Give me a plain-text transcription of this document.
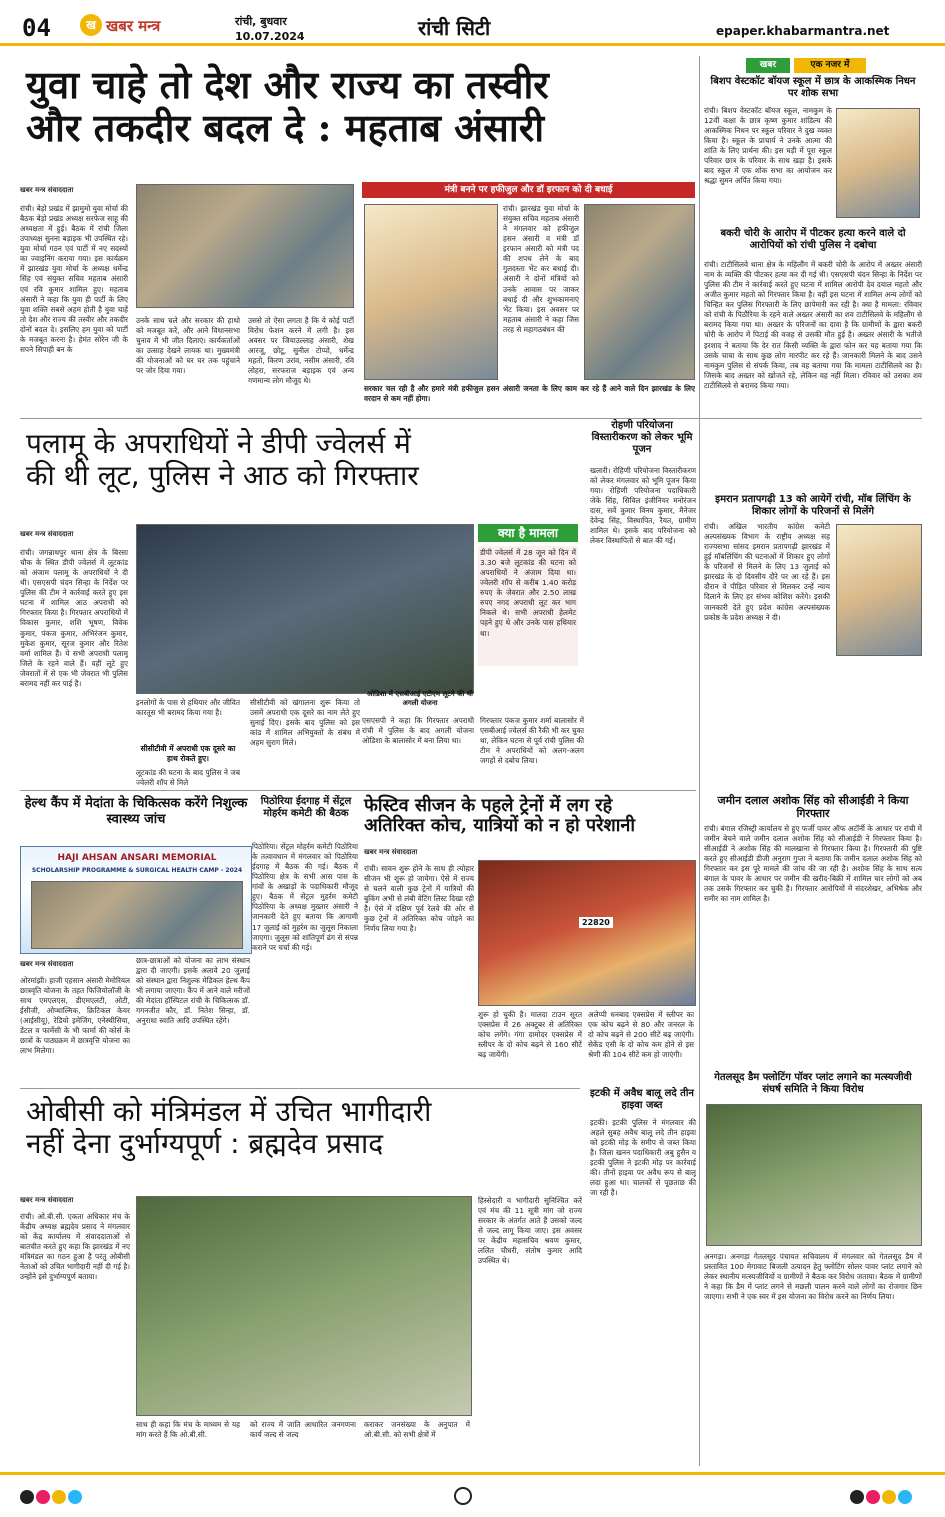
04	ख खबर मन्त्र	रांची, बुधवार
10.07.2024	रांची सिटी	epaper.khabarmantra.net
युवा चाहे तो देश और राज्य का तस्वीर
और तकदीर बदल दे : महताब अंसारी
खबर मन्त्र संवाददाता
रांची। बेड़ो प्रखंड में झामुमो युवा मोर्चा की बैठक बेड़ो प्रखंड अध्यक्ष सरफेज साहू की अध्यक्षता में हुई। बैठक में रांची जिला उपाध्यक्ष सुनना बड़ाइक भी उपस्थित रहे। युवा मोर्चा गठन एवं पार्टी में नए सदस्यों का ज्वाइनिंग कराया गया। इस कार्यक्रम में झारखंड युवा मोर्चा के अध्यक्ष धर्मेन्द्र सिंह एवं संयुक्त सचिव महताब अंसारी एवं रवि कुमार शामिल हुए। महताब अंसारी ने कहा कि युवा ही पार्टी के लिए युवा शक्ति सबसे अहम होती है युवा चाहें तो देश और राज्य की तस्वीर और तकदीर दोनों बदल दे। इसलिए हम युवा को पार्टी के मजबूत करना है। हेमंत सोरेन जी के सपने सिपाही बन के
उनके साथ चले और सरकार की हाथो को मजबूत करें, और आने विधानसभा चुनाव में भी जीत दिलाएं। कार्यकर्ताओं का उत्साह देखने लायक था। मुख्यमंत्री की योजनाओं को घर घर तक पहुंचाने पर जोर दिया गया।
उससे तो ऐसा लगता है कि ये कोई पार्टी विरोध फेशन करने में लगी है। इस अवसर पर जियाउल्लाह अंसारी, शेख आरजू, छोटू, सुनील टोप्पो, धर्मेन्द्र महतो, किरण उरांव, नसीम अंसारी, रवि लोहरा, सरफराज बड़ाइक एवं अन्य गणमान्य लोग मौजूद थे।
मंत्री बनने पर हफीजुल और डॉ इरफान को दी बधाई
रांची। झारखंड युवा मोर्चा के संयुक्त सचिव महताब अंसारी ने मंगलवार को हफीजुल हसन अंसारी व मंत्री डॉ इरफान अंसारी को मंत्री पद की शपथ लेने के बाद गुलदस्ता भेंट कर बधाई दी। अंसारी ने दोनों मंत्रियों को उनके आवास पर जाकर बधाई दी और शुभकामनाएं भेंट किया। इस अवसर पर महताब अंसारी ने कहा जिस तरह से महागठबंधन की
सरकार चल रही है और हमारे मंत्री हफीजुल हसन अंसारी जनता के लिए काम कर रहे हैं आने वाले दिन झारखंड के लिए वरदान से कम नहीं होगा।
खबर	एक नजर में
बिशप वेस्टकॉट बॉयज स्कूल में छात्र के आकस्मिक निधन पर शोक सभा
रांची। बिशप वेस्टकॉट बॉयज स्कूल, नामकुम के 12वीं कक्षा के छात्र कृष्ण कुमार शांडिल्य की आकस्मिक निधन पर स्कूल परिवार ने दुख व्यक्त किया है। स्कूल के प्राचार्य ने उनके आत्मा की शांति के लिए प्रार्थना की। इस घड़ी में पूरा स्कूल परिवार छात्र के परिवार के साथ खड़ा है। इसके बाद स्कूल में एक शोक सभा का आयोजन कर श्रद्धा सुमन अर्पित किया गया।
बकरी चोरी के आरोप में पीटकर हत्या करने वाले दो आरोपियों को रांची पुलिस ने दबोचा
रांची। टाटीसिलवे थाना क्षेत्र के महिलौंग में बकरी चोरी के आरोप में अख्तर अंसारी नाम के व्यक्ति की पीटकर हत्या कर दी गई थी। एसएसपी चंदन सिन्हा के निर्देश पर पुलिस की टीम ने कार्रवाई करते हुए घटना में शामिल आरोपी देव दयाल महतो और अजीत कुमार महतो को गिरफ्तार किया है। वहीं इस घटना में शामिल अन्य लोगों को चिन्हित कर पुलिस गिरफ्तारी के लिए छापेमारी कर रही है। क्या है मामला: रविवार को रांची के पिठौरिया के रहने वाले अख्तर अंसारी का शव टाटीसिलवे के महिलौंग से बरामद किया गया था। अख्तर के परिजनों का दावा है कि ग्रामीणों के द्वारा बकरी चोरी के आरोप में पिटाई की वजह से उसकी मौत हुई है। अख्तर अंसारी के भतीजे इरशाद ने बताया कि देर रात किसी व्यक्ति के द्वारा फोन कर यह बताया गया कि उसके चाचा के साथ कुछ लोग मारपीट कर रहे हैं। जानकारी मिलने के बाद उसने नामकुम पुलिस से संपर्क किया, तब वह बताया गया कि मामला टाटीसिलवे का है। जिसके बाद अख्तर को खोजते रहे, लेकिन वह नहीं मिला। रविवार को उसका शव टाटीसिलवे से बरामद किया गया।
पलामू के अपराधियों ने डीपी ज्वेलर्स में
की थी लूट, पुलिस ने आठ को गिरफ्तार
खबर मन्त्र संवाददाता
रांची। जगन्नाथपुर थाना क्षेत्र के बिरसा चौक के स्थित डीपी ज्वेलर्स में लूटकांड को अंजाम पलामू के अपराधियों ने दी थी। एसएसपी चंदन सिन्हा के निर्देश पर पुलिस की टीम ने कार्रवाई करते हुए इस घटना में शामिल आठ अपराधी को गिरफ्तार किया है। गिरफ्तार अपराधियों में विकास कुमार, शशि भूषण, विवेक कुमार, पंकज कुमार, अभिरंजन कुमार, मुकेश कुमार, सूरज कुमार और रितेश वर्मा शामिल हैं। ये सभी अपराधी पलामू जिले के रहने वाले हैं। वहीं लूटे हुए जेवरातों में से एक भी जेवरात भी पुलिस बरामद नहीं कर पाई है।
इनलोगों के पास से हथियार और जीवित कारतूस भी बरामद किया गया है।
सीसीटीवी में अपराधी एक दूसरे का हाथ रोकते हुए।
सीसीटीवी को खंगालना शुरू किया तो उसमें अपराधी एक दूसरे का नाम लेते हुए सुनाई दिए। इसके बाद पुलिस को इस कांड में शामिल अभियुक्तों के संबंध में अहम सुराग मिले।
लूटकांड की घटना के बाद पुलिस ने जब ज्वेलरी शॉप से मिले
क्या है मामला
डीपी ज्वेलर्स में 28 जून को दिन में 3.30 बजे लूटकांड की घटना को अपराधियों ने अंजाम दिया था। ज्वेलरी शॉप से करीब 1.40 करोड़ रुपए के जेवरात और 2.50 लाख रुपए नगद अपराधी लूट कर भाग निकले थे। सभी अपराधी हेलमेट पहने हुए थे और उनके पास हथियार था।
ओडिशा में एसबीआई एटीएम लूटने की थी अगली योजना
एसएसपी ने कहा कि गिरफ्तार अपराधी रांची में पुलिस के बाद अगली योजना ओडिशा के बालासोर में बना लिया था।
गिरफ्तार पंकज कुमार शर्मा बालासोर में एसबीआई ज्वेलर्स की रैकी भी कर चुका था, लेकिन घटना से पूर्व रांची पुलिस की टीम ने अपराधियों को अलग-अलग जगहों से दबोच लिया।
रोहणी परियोजना विस्तारीकरण को लेकर भूमि पूजन
खलारी। रोहिणी परियोजना विस्तारीकरण को लेकर मंगलवार को भूमि पूजन किया गया। रोहिणी परियोजना पदाधिकारी जेके सिंह, सिविल इंजीनियर मनोरंजन दास, सर्वे कुमार विनय कुमार, मैनेजर देवेन्द्र सिंह, विस्थापित, रैयत, ग्रामीण शामिल थे। इसके बाद परियोजना को लेकर विस्थापितों से बात की गई।
इमरान प्रतापगढ़ी 13 को आयेगें रांची, मॉब लिंचिंग के शिकार लोगों के परिजनों से मिलेंगे
रांची। अखिल भारतीय कांग्रेस कमेटी अल्पसंख्यक विभाग के राष्ट्रीय अध्यक्ष सह राज्यसभा सांसद इमरान प्रतापगढ़ी झारखंड में हुई मॉबलिंचिंग की घटनाओं में शिकार हुए लोगों के परिजनों से मिलने के लिए 13 जुलाई को झारखंड के दो दिवसीय दौरे पर आ रहे हैं। इस दौरान वे पीड़ित परिवार से मिलकर उन्हें न्याय दिलाने के लिए हर संभव कोशिश करेंगे। इसकी जानकारी देते हुए प्रदेश कांग्रेस अल्पसंख्यक प्रकोष्ठ के प्रदेश अध्यक्ष ने दी।
जमीन दलाल अशोक सिंह को सीआईडी ने किया गिरफ्तार
रांची। बंगाल रजिस्ट्री कार्यालय से हुए फर्जी पावर ऑफ अटॉर्नी के आधार पर रांची में जमीन बेचने वाले जमीन दलाल अशोक सिंह को सीआईडी ने गिरफ्तार किया है। सीआईडी ने अशोक सिंह की मालखाना से गिरफ्तार किया है। गिरफ्तारी की पुष्टि करते हुए सीआईडी डीजी अनुराग गुप्ता ने बताया कि जमीन दलाल अशोक सिंह को गिरफ्तार कर इस पूरे मामले की जांच की जा रही है। अशोक सिंह के साथ सत्य बंगाल के पावर के आधार पर जमीन की खरीद-बिक्री में शामिल चार लोगों को अब तक उसके गिरफ्तार कर चुकी है। गिरफ्तार आरोपियों में संदरशेखर, अभिषेक और समीर का नाम शामिल है।
हेल्थ कैंप में मेदांता के चिकित्सक करेंगे निशुल्क स्वास्थ्य जांच
HAJI AHSAN ANSARI MEMORIAL
SCHOLARSHIP PROGRAMME & SURGICAL HEALTH CAMP - 2024
खबर मन्त्र संवाददाता
ओरमांझी। हाजी एहसान अंसारी मेमोरियल छात्रवृति योजना के तहत फिजियोलॉजी के साथ एमएलएस, डीएमएलटी, ओटी, ईसीजी, ओप्थाल्मिक, क्रिटिकल केयर (आईसीयू), रेडियो इमेजिंग, एनेस्थीसिया, डेंटल व फार्मेसी के भी फार्मा की कोर्स के छात्रों के पाठ्यक्रम में छात्रवृत्ति योजना का लाभ मिलेगा।
छात्र-छात्राओं को योजना का लाभ संस्थान द्वारा दी जाएगी। इसके अलावे 20 जुलाई को संस्थान द्वारा निशुल्क मेडिकल हेल्थ कैंप भी लगाया जाएगा। कैंप में आने वाले मरीजों की मेदांता हॉस्पिटल रांची के चिकित्सक डॉ. गगनजीत कौर, डॉ. नितेश सिन्हा, डॉ. अनुराधा स्वाति आदि उपस्थित रहेंगे।
पिठोरिया ईदगाह में सेंट्रल मोहर्रम कमेटी की बैठक
पिठोरिया। सेंट्रल मोहर्रम कमेटी पिठोरिया के तत्वावधान में मंगलवार को पिठोरिया ईदगाह में बैठक की गई। बैठक में पिठोरिया क्षेत्र के सभी आस पास के गांवों के अखाड़ों के पदाधिकारी मौजूद हुए। बैठक में सेंट्रल मुहर्रम कमेटी पिठोरिया के अध्यक्ष मुख्तार अंसारी ने जानकारी देते हुए बताया कि आगामी 17 जुलाई को मुहर्रम का जुलूस निकाला जाएगा। जुलूस को शांतिपूर्ण ढंग से संपन्न कराने पर चर्चा की गई।
फेस्टिव सीजन के पहले ट्रेनों में लग रहे
अतिरिक्त कोच, यात्रियों को न हो परेशानी
खबर मन्त्र संवाददाता
रांची। सावन शुरू होने के साथ ही त्योहार सीजन भी शुरू हो जायेगा। ऐसे में राज्य से चलने वाली कुछ ट्रेनों में यात्रियों की बुकिंग अभी से लंबी वेटिंग लिस्ट दिखा रही है। ऐसे में दक्षिण पूर्व रेलवे की ओर से कुछ ट्रेनों में अतिरिक्त कोच जोड़ने का निर्णय लिया गया है।
22820
शुरू हो चुकी है। मालदा टाउन सूरत एक्सप्रेस में 26 अक्टूबर से अतिरिक्त कोच लगेंगे। गंगा दामोदर एक्सप्रेस में स्लीपर के दो कोच बढ़ने से 160 सीटें बढ़ जायेंगी।
अलेप्पी धनबाद एक्सप्रेस में स्लीपर का एक कोच बढ़ने से 80 और जनरल के दो कोच बढ़ने से 200 सीटें बढ़ जाएंगी। सेकेंड एसी के दो कोच कम होने से इस श्रेणी की 104 सीटें कम हो जाएंगी।
इटकी में अवैध बालू लदे तीन हाइवा जब्त
इटकी। इटकी पुलिस ने मंगलवार की अहले सुबह अवैध बालू लदे तीन हाइवा को इटकी मोड़ के समीप से जब्त किया है। जिला खनन पदाधिकारी अबु हुसैन व इटकी पुलिस ने इटकी मोड़ पर कार्रवाई की। तीनों हाइवा पर अवैध रूप से बालू लदा हुआ था। चालकों से पूछताछ की जा रही है।
गेतलसूद डैम फ्लोटिंग पॉवर प्लांट लगाने का मत्स्यजीवी संघर्ष समिति ने किया विरोध
अनगड़ा। अनगड़ा गेतलसूद पंचायत सचिवालय में मंगलवार को गेतलसूद डैम में प्रस्तावित 100 मेगावाट बिजली उत्पादन हेतु फ्लोटिंग सोलर पावर प्लांट लगाने को लेकर स्थानीय मत्स्यजीवियों व ग्रामीणों ने बैठक कर विरोध जताया। बैठक में ग्रामीणों ने कहा कि डैम में प्लांट लगने से मछली पालन करने वाले लोगों का रोजगार छिन जाएगा। सभी ने एक स्वर में इस योजना का विरोध करने का निर्णय लिया।
ओबीसी को मंत्रिमंडल में उचित भागीदारी
नहीं देना दुर्भाग्यपूर्ण : ब्रह्मदेव प्रसाद
खबर मन्त्र संवाददाता
रांची। ओ.बी.सी. एकता अधिकार मंच के केंद्रीय अध्यक्ष ब्रह्मदेव प्रसाद ने मंगलवार को केंद्र कार्यालय में संवाददाताओं से बातचीत करते हुए कहा कि झारखंड में नए मंत्रिमंडल का गठन हुआ है परंतु ओबीसी नेताओं को उचित भागीदारी नहीं दी गई है। उन्होंने इसे दुर्भाग्यपूर्ण बताया।
साथ ही कहा कि मंच के माध्यम से यह मांग करते हैं कि ओ.बी.सी.
को राज्य में जाति आधारित जनगणना कार्य जल्द से जल्द
कराकर जनसंख्या के अनुपात में ओ.बी.सी. को सभी क्षेत्रों में
हिस्सेदारी व भागीदारी सुनिश्चित करें एवं मंच की 11 सूत्री मांग जो राज्य सरकार के अंतर्गत आते हैं उसको जल्द से जल्द लागू किया जाए। इस अवसर पर केंद्रीय महासचिव श्रवण कुमार, ललित चौधरी, संतोष कुमार आदि उपस्थित थे।
